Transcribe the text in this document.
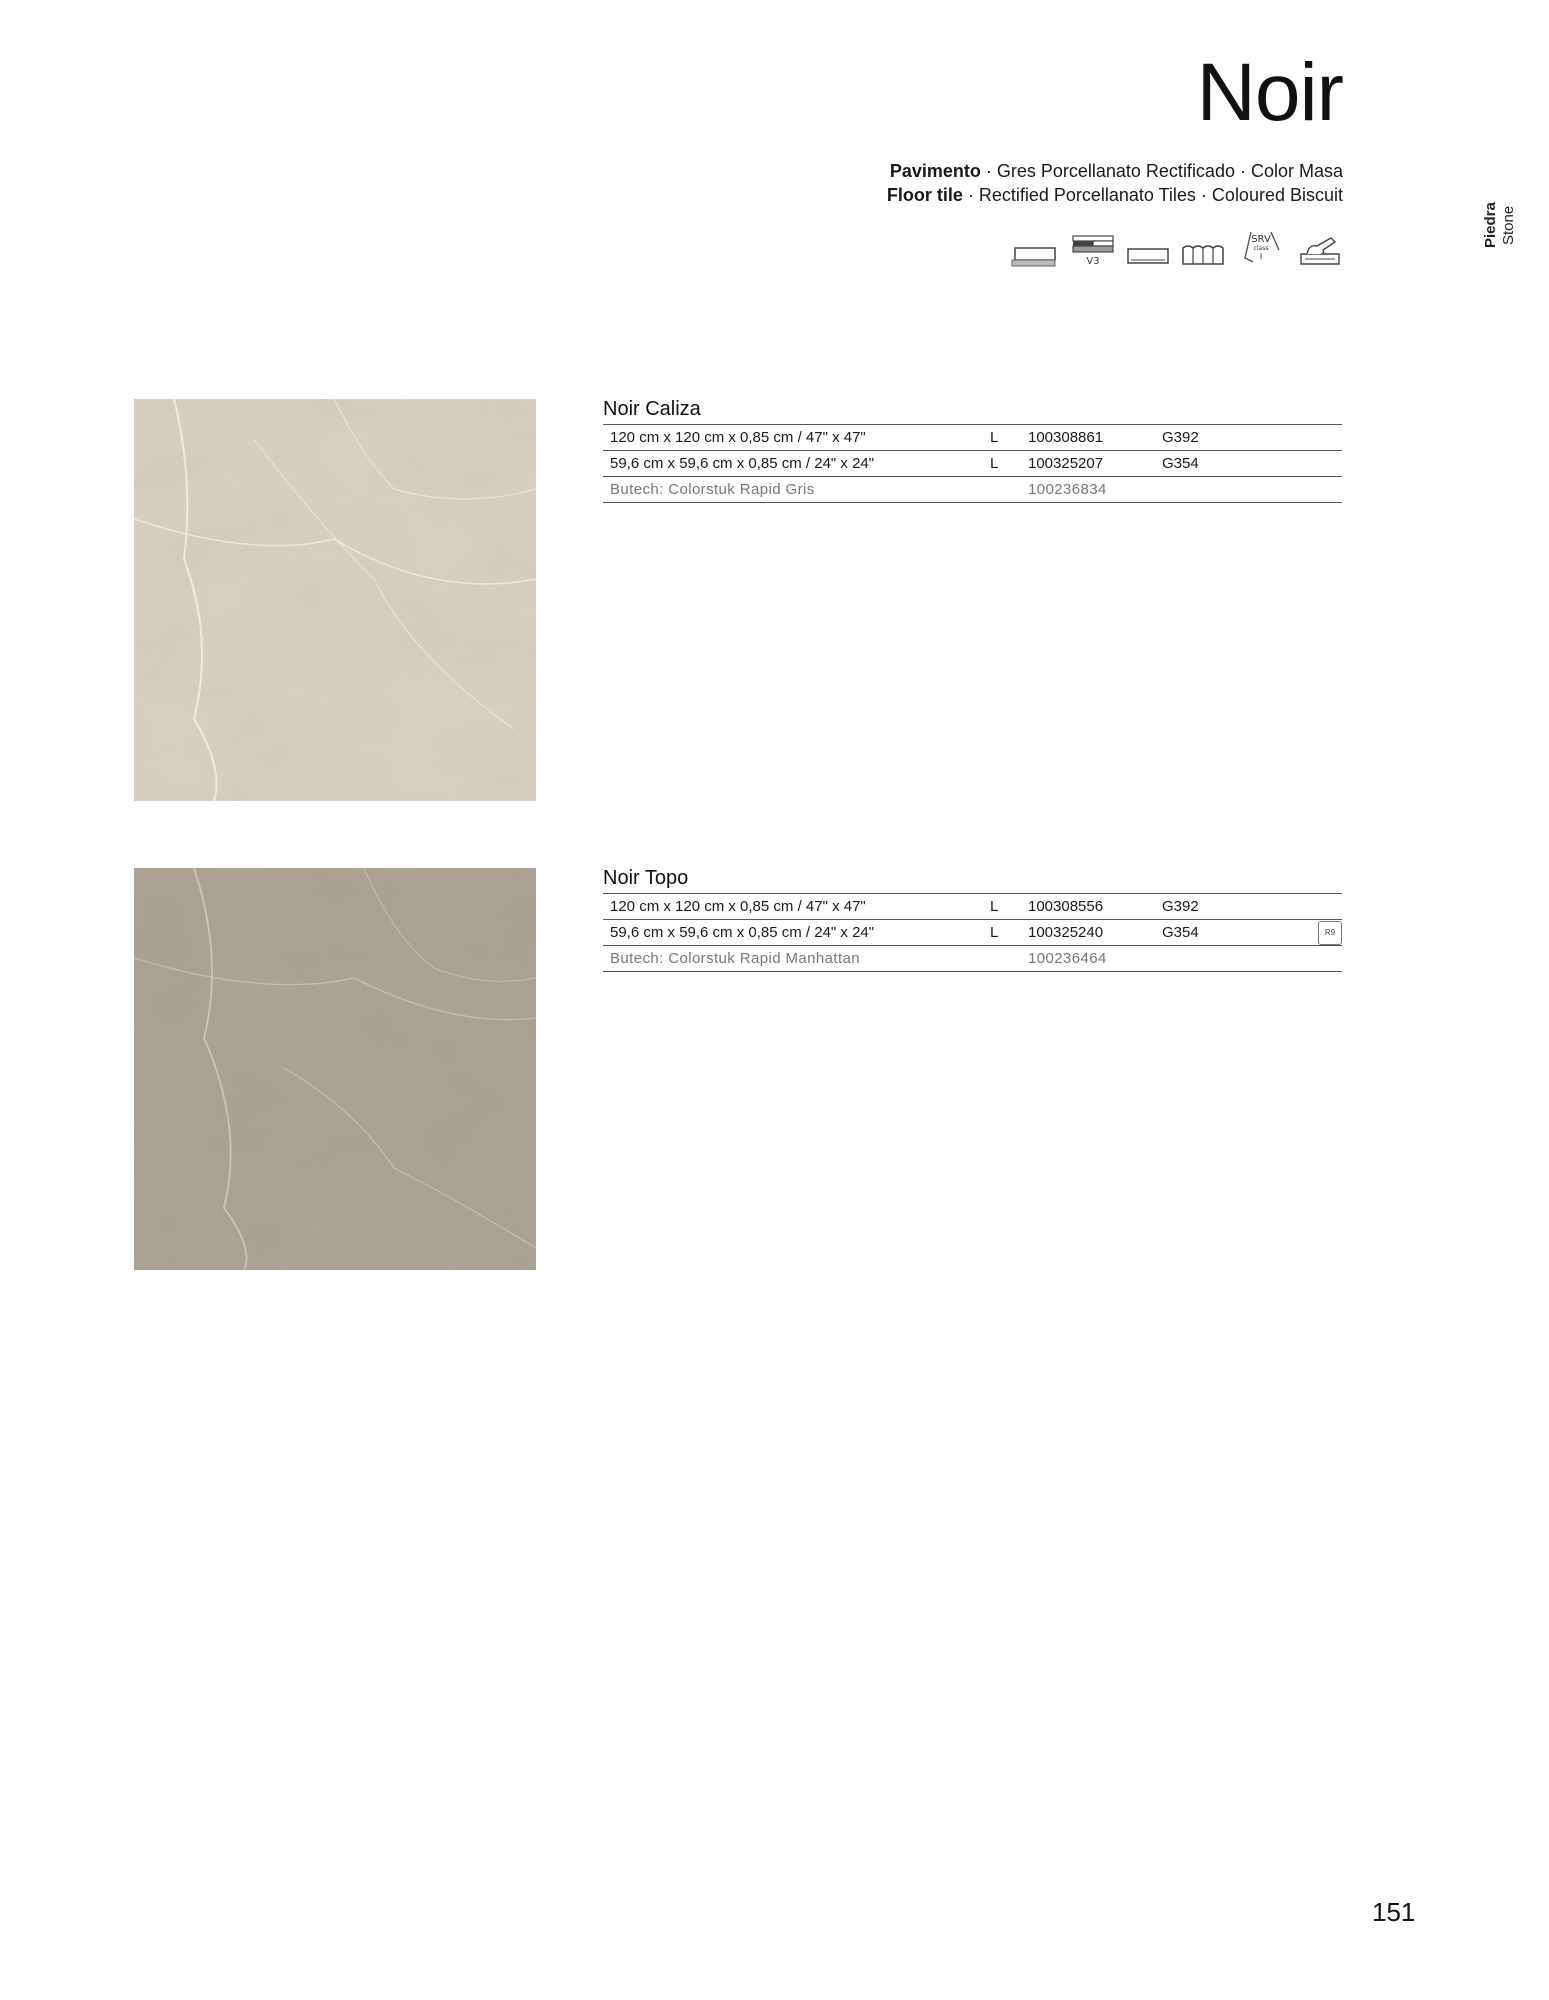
Noir
Pavimento · Gres Porcellanato Rectificado · Color Masa
Floor tile · Rectified Porcellanato Tiles · Coloured Biscuit
V3
SRV
class
I
Piedra Stone
Noir Caliza
120 cm x 120 cm x 0,85 cm / 47" x 47"	L	100308861	G392	
59,6 cm x 59,6 cm x 0,85 cm / 24" x 24"	L	100325207	G354	
Butech: Colorstuk Rapid Gris		100236834		
Noir Topo
120 cm x 120 cm x 0,85 cm / 47" x 47"	L	100308556	G392	
59,6 cm x 59,6 cm x 0,85 cm / 24" x 24"	L	100325240	G354	R9
Butech: Colorstuk Rapid Manhattan		100236464		
151
